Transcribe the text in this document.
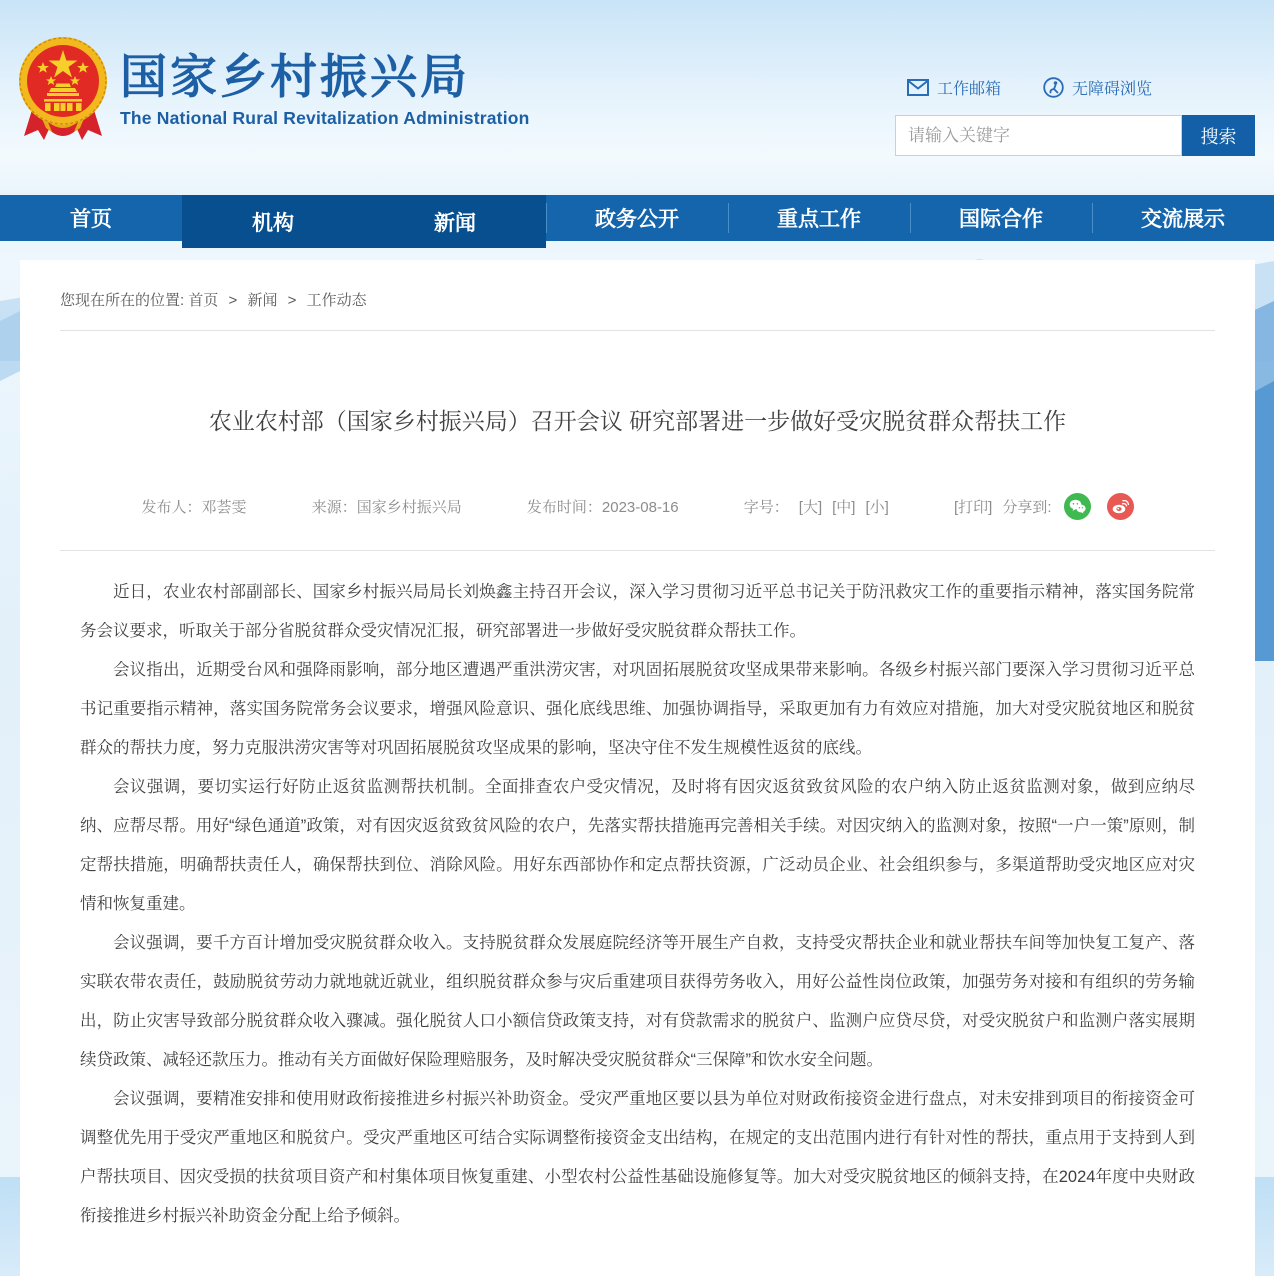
国家乡村振兴局
The National Rural Revitalization Administration
工作邮箱	无障碍浏览
请输入关键字
搜索
首页	机构	新闻	政务公开	重点工作	国际合作	交流展示
您现在所在的位置: 首页 > 新闻 > 工作动态
农业农村部（国家乡村振兴局）召开会议 研究部署进一步做好受灾脱贫群众帮扶工作
发布人：邓荟雯	来源：国家乡村振兴局	发布时间：2023-08-16	字号： [大] [中] [小]	[打印] 分享到:

近日，农业农村部副部长、国家乡村振兴局局长刘焕鑫主持召开会议，深入学习贯彻习近平总书记关于防汛救灾工作的重要指示精神，落实国务院常务会议要求，听取关于部分省脱贫群众受灾情况汇报，研究部署进一步做好受灾脱贫群众帮扶工作。

会议指出，近期受台风和强降雨影响，部分地区遭遇严重洪涝灾害，对巩固拓展脱贫攻坚成果带来影响。各级乡村振兴部门要深入学习贯彻习近平总书记重要指示精神，落实国务院常务会议要求，增强风险意识、强化底线思维、加强协调指导，采取更加有力有效应对措施，加大对受灾脱贫地区和脱贫群众的帮扶力度，努力克服洪涝灾害等对巩固拓展脱贫攻坚成果的影响，坚决守住不发生规模性返贫的底线。

会议强调，要切实运行好防止返贫监测帮扶机制。全面排查农户受灾情况，及时将有因灾返贫致贫风险的农户纳入防止返贫监测对象，做到应纳尽纳、应帮尽帮。用好“绿色通道”政策，对有因灾返贫致贫风险的农户，先落实帮扶措施再完善相关手续。对因灾纳入的监测对象，按照“一户一策”原则，制定帮扶措施，明确帮扶责任人，确保帮扶到位、消除风险。用好东西部协作和定点帮扶资源，广泛动员企业、社会组织参与，多渠道帮助受灾地区应对灾情和恢复重建。

会议强调，要千方百计增加受灾脱贫群众收入。支持脱贫群众发展庭院经济等开展生产自救，支持受灾帮扶企业和就业帮扶车间等加快复工复产、落实联农带农责任，鼓励脱贫劳动力就地就近就业，组织脱贫群众参与灾后重建项目获得劳务收入，用好公益性岗位政策，加强劳务对接和有组织的劳务输出，防止灾害导致部分脱贫群众收入骤减。强化脱贫人口小额信贷政策支持，对有贷款需求的脱贫户、监测户应贷尽贷，对受灾脱贫户和监测户落实展期续贷政策、减轻还款压力。推动有关方面做好保险理赔服务，及时解决受灾脱贫群众“三保障”和饮水安全问题。

会议强调，要精准安排和使用财政衔接推进乡村振兴补助资金。受灾严重地区要以县为单位对财政衔接资金进行盘点，对未安排到项目的衔接资金可调整优先用于受灾严重地区和脱贫户。受灾严重地区可结合实际调整衔接资金支出结构，在规定的支出范围内进行有针对性的帮扶，重点用于支持到人到户帮扶项目、因灾受损的扶贫项目资产和村集体项目恢复重建、小型农村公益性基础设施修复等。加大对受灾脱贫地区的倾斜支持，在2024年度中央财政衔接推进乡村振兴补助资金分配上给予倾斜。
